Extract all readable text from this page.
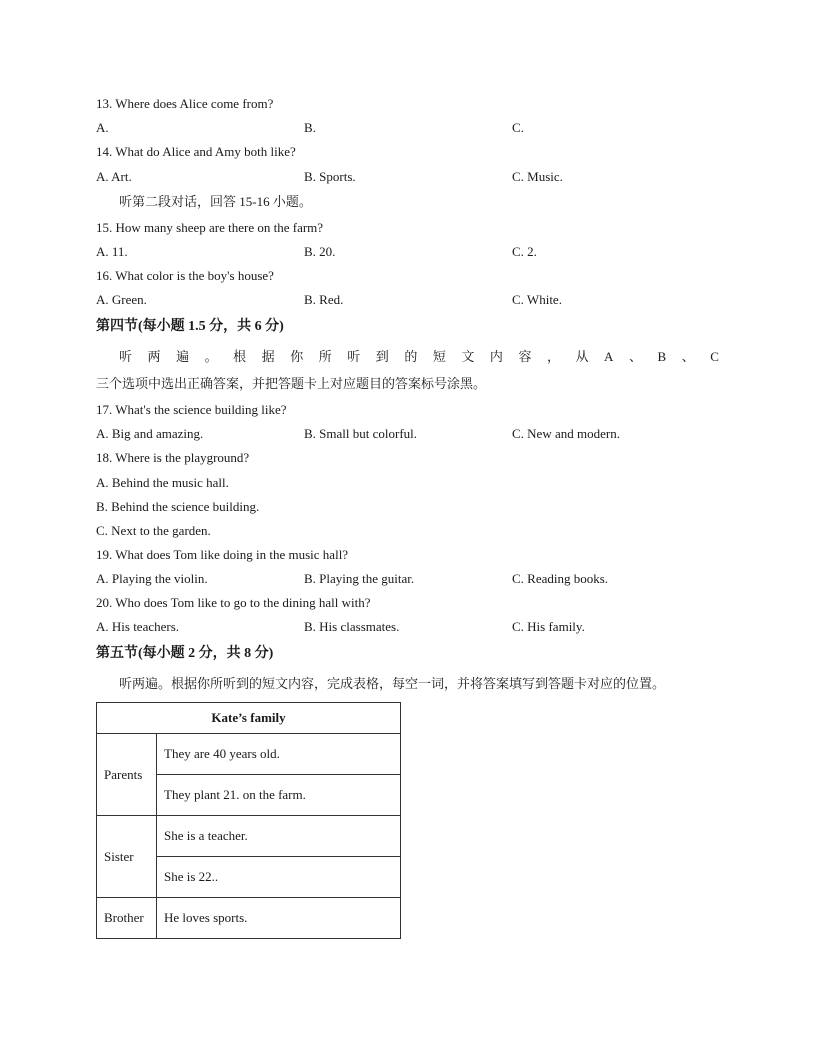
13. Where does Alice come from?
A.	B.	C.
14. What do Alice and Amy both like?
A. Art.	B. Sports.	C. Music.
听第二段对话，回答 15-16 小题。
15. How many sheep are there on the farm?
A. 11.	B. 20.	C. 2.
16. What color is the boy's house?
A. Green.	B. Red.	C. White.
第四节(每小题 1.5 分，共 6 分)
听 两 遍 。 根 据 你 所 听 到 的 短 文 内 容 ， 从 A 、 B 、 C
三个选项中选出正确答案，并把答题卡上对应题目的答案标号涂黑。
17. What's the science building like?
A. Big and amazing.	B. Small but colorful.	C. New and modern.
18. Where is the playground?
A. Behind the music hall.
B. Behind the science building.
C. Next to the garden.
19. What does Tom like doing in the music hall?
A. Playing the violin.	B. Playing the guitar.	C. Reading books.
20. Who does Tom like to go to the dining hall with?
A. His teachers.	B. His classmates.	C. His family.
第五节(每小题 2 分，共 8 分)
听两遍。根据你所听到的短文内容，完成表格，每空一词，并将答案填写到答题卡对应的位置。
Kate’s family	
Parents	They are 40 years old.
	They plant 21. on the farm.
Sister	She is a teacher.
	She is 22..
Brother	He loves sports.
